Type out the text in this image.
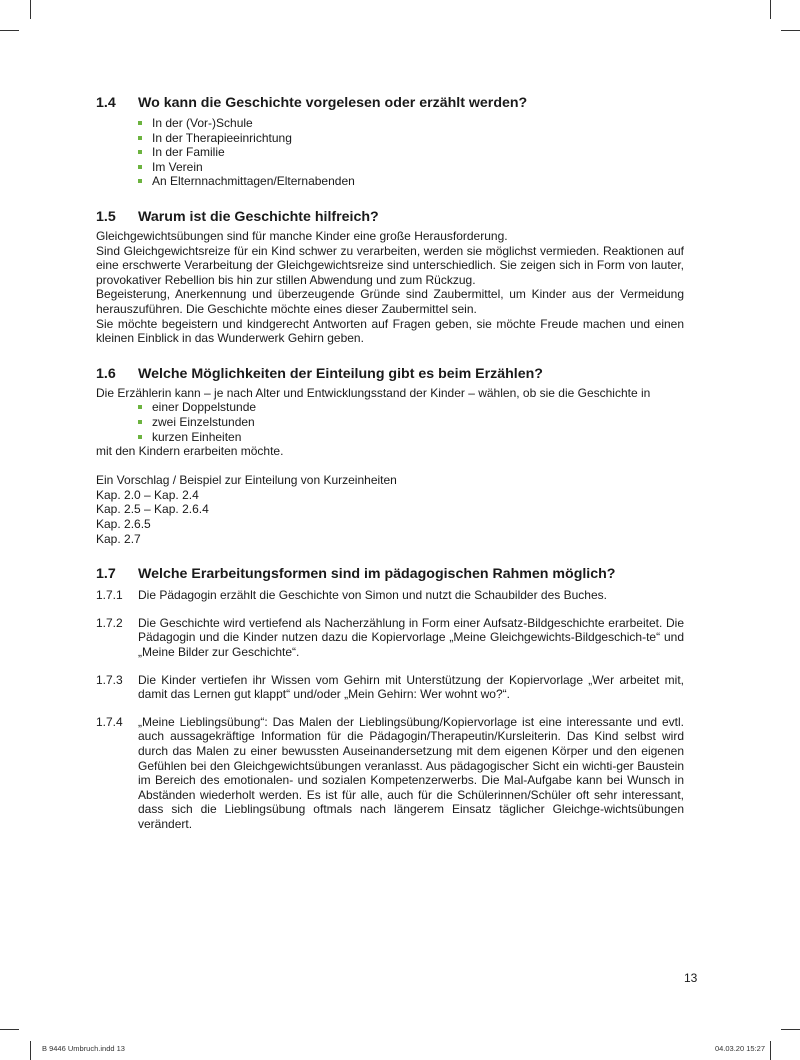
1.4	Wo kann die Geschichte vorgelesen oder erzählt werden?
In der (Vor-)Schule
In der Therapieeinrichtung
In der Familie
Im Verein
An Elternnachmittagen/Elternabenden
1.5	Warum ist die Geschichte hilfreich?

Gleichgewichtsübungen sind für manche Kinder eine große Herausforderung.

Sind Gleichgewichtsreize für ein Kind schwer zu verarbeiten, werden sie möglichst vermieden. Reaktionen auf eine erschwerte Verarbeitung der Gleichgewichtsreize sind unterschiedlich. Sie zeigen sich in Form von lauter, provokativer Rebellion bis hin zur stillen Abwendung und zum Rückzug.

Begeisterung, Anerkennung und überzeugende Gründe sind Zaubermittel, um Kinder aus der Vermeidung herauszuführen. Die Geschichte möchte eines dieser Zaubermittel sein.

Sie möchte begeistern und kindgerecht Antworten auf Fragen geben, sie möchte Freude machen und einen kleinen Einblick in das Wunderwerk Gehirn geben.

1.6	Welche Möglichkeiten der Einteilung gibt es beim Erzählen?

Die Erzählerin kann – je nach Alter und Entwicklungsstand der Kinder – wählen, ob sie die Geschichte in

einer Doppelstunde
zwei Einzelstunden
kurzen Einheiten

mit den Kindern erarbeiten möchte.

Ein Vorschlag / Beispiel zur Einteilung von Kurzeinheiten

Kap. 2.0 – Kap. 2.4

Kap. 2.5 – Kap. 2.6.4

Kap. 2.6.5

Kap. 2.7

1.7	Welche Erarbeitungsformen sind im pädagogischen Rahmen möglich?
1.7.1	Die Pädagogin erzählt die Geschichte von Simon und nutzt die Schaubilder des Buches.
1.7.2	Die Geschichte wird vertiefend als Nacherzählung in Form einer Aufsatz-Bildgeschichte erarbeitet. Die Pädagogin und die Kinder nutzen dazu die Kopiervorlage „Meine Gleichgewichts-Bildgeschich-te“ und „Meine Bilder zur Geschichte“.
1.7.3	Die Kinder vertiefen ihr Wissen vom Gehirn mit Unterstützung der Kopiervorlage „Wer arbeitet mit, damit das Lernen gut klappt“ und/oder „Mein Gehirn: Wer wohnt wo?“.
1.7.4	„Meine Lieblingsübung“: Das Malen der Lieblingsübung/Kopiervorlage ist eine interessante und evtl. auch aussagekräftige Information für die Pädagogin/Therapeutin/Kursleiterin. Das Kind selbst wird durch das Malen zu einer bewussten Auseinandersetzung mit dem eigenen Körper und den eigenen Gefühlen bei den Gleichgewichtsübungen veranlasst. Aus pädagogischer Sicht ein wichti-ger Baustein im Bereich des emotionalen- und sozialen Kompetenzerwerbs. Die Mal-Aufgabe kann bei Wunsch in Abständen wiederholt werden. Es ist für alle, auch für die Schülerinnen/Schüler oft sehr interessant, dass sich die Lieblingsübung oftmals nach längerem Einsatz täglicher Gleichge-wichtsübungen verändert.
13
B 9446 Umbruch.indd 13	04.03.20 15:27
